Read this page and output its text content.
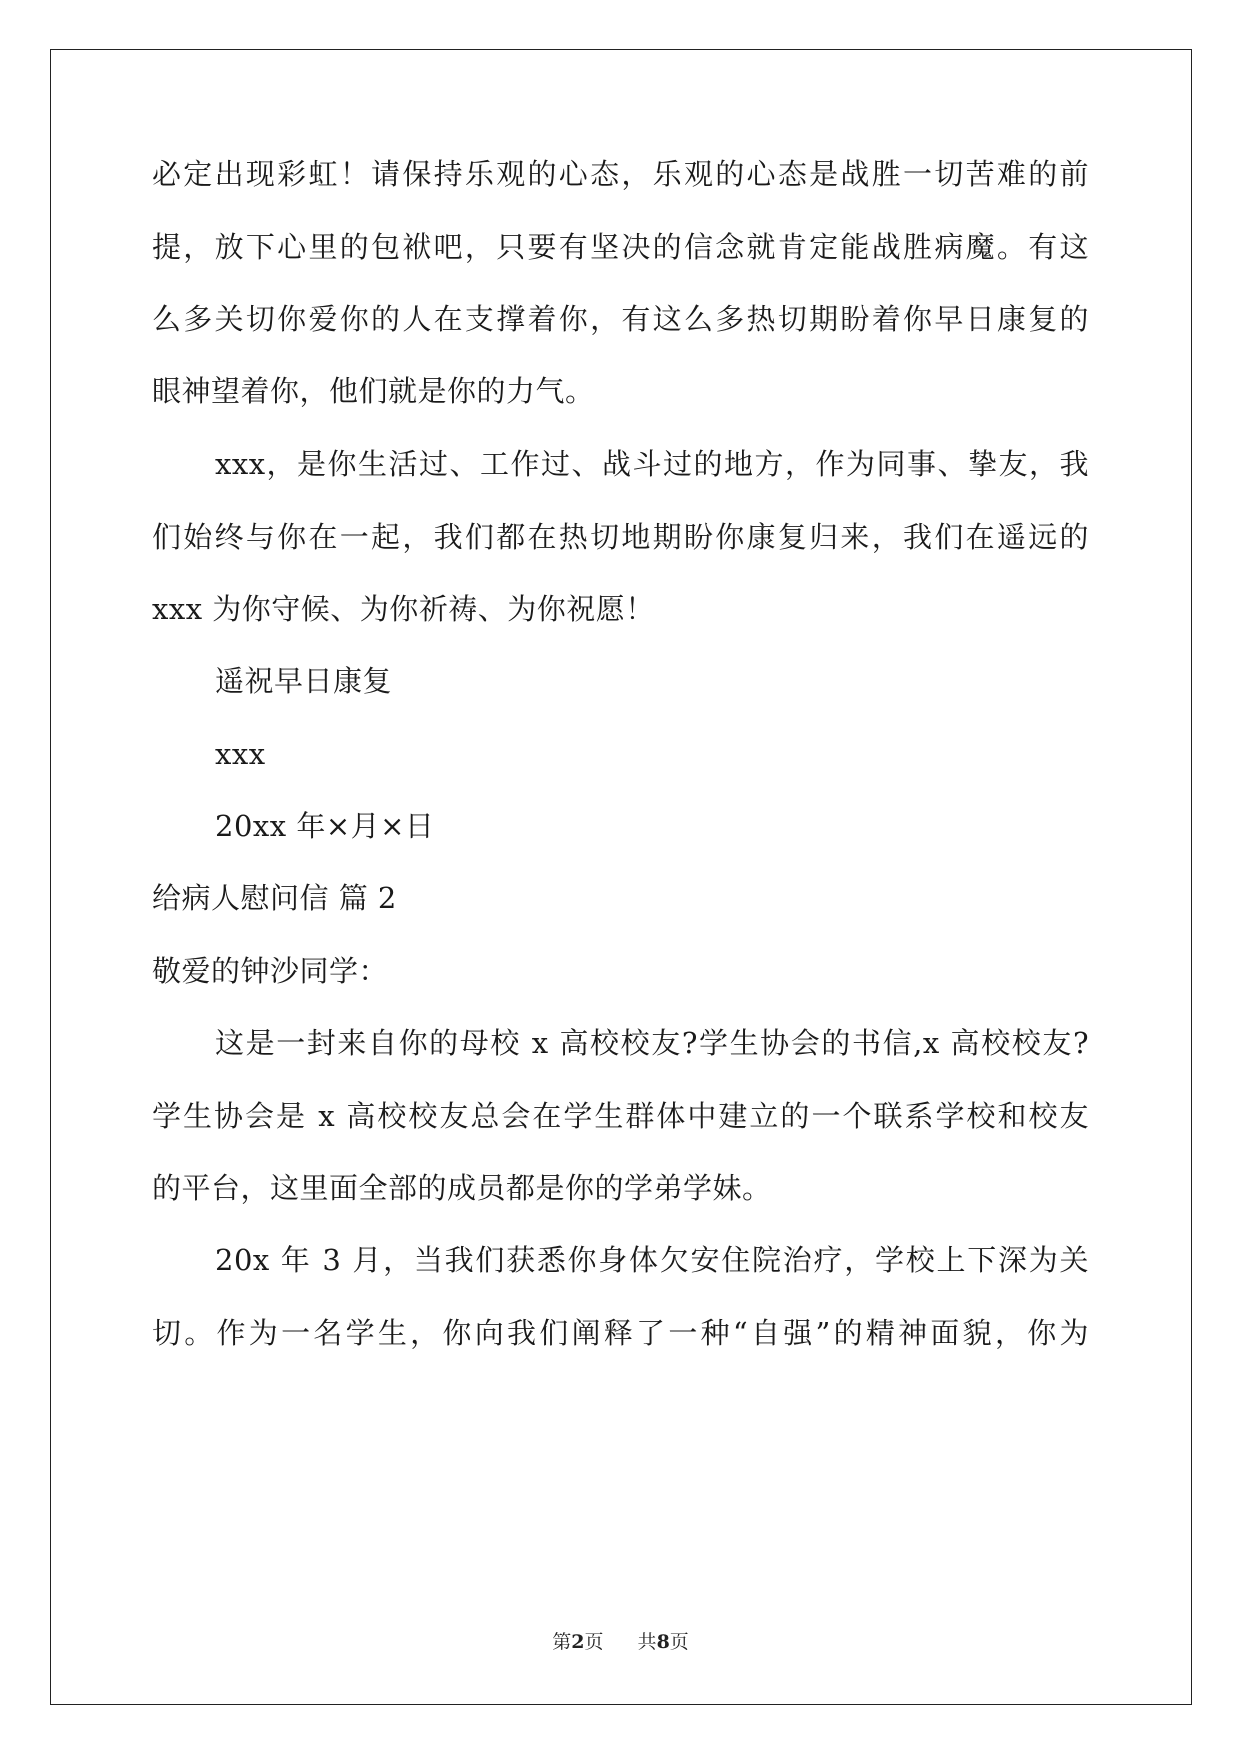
必定出现彩虹！请保持乐观的心态，乐观的心态是战胜一切苦难的前
提，放下心里的包袱吧，只要有坚决的信念就肯定能战胜病魔。有这
么多关切你爱你的人在支撑着你，有这么多热切期盼着你早日康复的
眼神望着你，他们就是你的力气。
xxx，是你生活过、工作过、战斗过的地方，作为同事、挚友，我
们始终与你在一起，我们都在热切地期盼你康复归来，我们在遥远的
xxx 为你守候、为你祈祷、为你祝愿！
遥祝早日康复
xxx
20xx 年×月×日
给病人慰问信 篇 2
敬爱的钟沙同学：
这是一封来自你的母校 x 高校校友?学生协会的书信,x 高校校友?
学生协会是 x 高校校友总会在学生群体中建立的一个联系学校和校友
的平台，这里面全部的成员都是你的学弟学妹。
20x 年 3 月，当我们获悉你身体欠安住院治疗，学校上下深为关
切。作为一名学生，你向我们阐释了一种“自强”的精神面貌，你为
第2页 共8页
